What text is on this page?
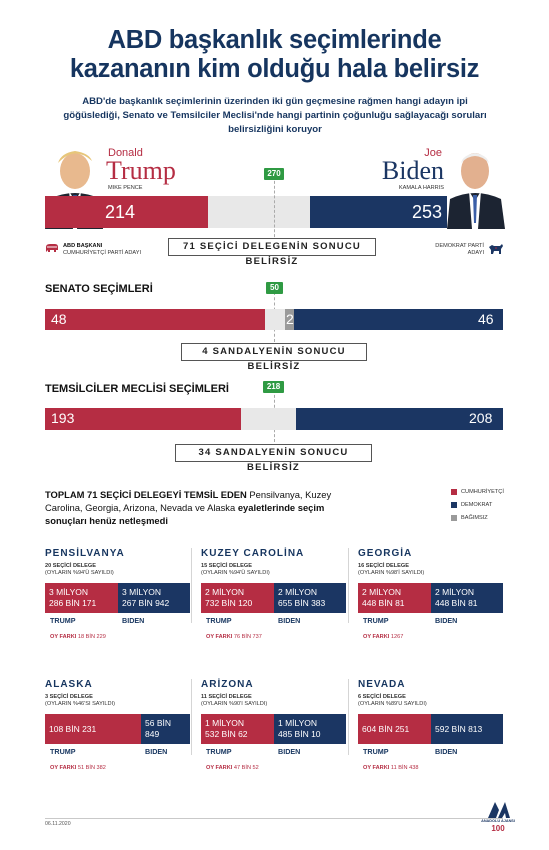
ABD başkanlık seçimlerinde
kazananın kim olduğu hala belirsiz
ABD'de başkanlık seçimlerinin üzerinden iki gün geçmesine rağmen hangi adayın ipi göğüslediği, Senato ve Temsilciler Meclisi'nde hangi partinin çoğunluğu sağlayacağı soruları belirsizliğini koruyor
Donald
Trump
MIKE PENCE
Joe
Biden
KAMALA HARRIS
214	253
270
ABD BAŞKANI
CUMHURİYETÇİ PARTİ ADAYI
71 SEÇİCİ DELEGENİN SONUCU BELİRSİZ
DEMOKRAT PARTİ
ADAYI
SENATO SEÇİMLERİ	50
48	2	46
4 SANDALYENİN SONUCU BELİRSİZ
TEMSİLCİLER MECLİSİ SEÇİMLERİ	218
193	208
34 SANDALYENİN SONUCU BELİRSİZ
TOPLAM 71 SEÇİCİ DELEGEYİ TEMSİL EDEN Pensilvanya, Kuzey Carolina, Georgia, Arizona, Nevada ve Alaska eyaletlerinde seçim sonuçları henüz netleşmedi
CUMHURİYETÇİ
DEMOKRAT
BAĞIMSIZ
PENSİLVANYA
20 SEÇİCİ DELEGE
(OYLARIN %94'Ü SAYILDI)
3 MİLYON
286 BİN 171
3 MİLYON
267 BİN 942
TRUMP	BIDEN
OY FARKI 18 BİN 229
KUZEY CAROLİNA
15 SEÇİCİ DELEGE
(OYLARIN %94'Ü SAYILDI)
2 MİLYON
732 BİN 120
2 MİLYON
655 BİN 383
TRUMP	BIDEN
OY FARKI 76 BİN 737
GEORGİA
16 SEÇİCİ DELEGE
(OYLARIN %98'İ SAYILDI)
2 MİLYON
448 BİN 81
2 MİLYON
448 BİN 81
TRUMP	BIDEN
OY FARKI 1267
ALASKA
3 SEÇİCİ DELEGE
(OYLARIN %46'SI SAYILDI)
108 BİN 231
56 BİN
849
TRUMP	BIDEN
OY FARKI 51 BİN 382
ARİZONA
11 SEÇİCİ DELEGE
(OYLARIN %90'I SAYILDI)
1 MİLYON
532 BİN 62
1 MİLYON
485 BİN 10
TRUMP	BIDEN
OY FARKI 47 BİN 52
NEVADA
6 SEÇİCİ DELEGE
(OYLARIN %89'U SAYILDI)
604 BİN 251	592 BİN 813
TRUMP	BIDEN
OY FARKI 11 BİN 438
06.11.2020	ANADOLU AJANSI
100
